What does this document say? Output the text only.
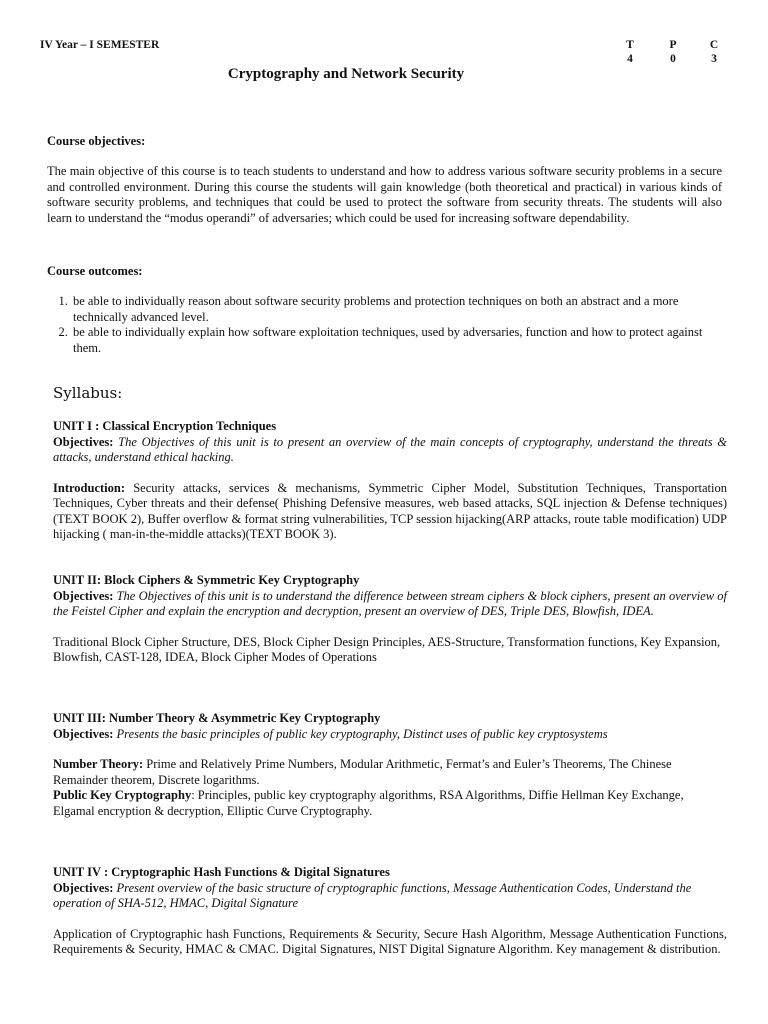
IV Year – I SEMESTER	T
4
P
0
C
3
Cryptography and Network Security
Course objectives:
The main objective of this course is to teach students to understand and how to address various software security problems in a secure and controlled environment. During this course the students will gain knowledge (both theoretical and practical) in various kinds of software security problems, and techniques that could be used to protect the software from security threats. The students will also learn to understand the “modus operandi” of adversaries; which could be used for increasing software dependability.
Course outcomes:
1. be able to individually reason about software security problems and protection techniques on both an abstract and a more technically advanced level.
2. be able to individually explain how software exploitation techniques, used by adversaries, function and how to protect against them.
Syllabus:

UNIT I : Classical Encryption Techniques

Objectives: The Objectives of this unit is to present an overview of the main concepts of cryptography, understand the threats & attacks, understand ethical hacking.

Introduction: Security attacks, services & mechanisms, Symmetric Cipher Model, Substitution Techniques, Transportation Techniques, Cyber threats and their defense( Phishing Defensive measures, web based attacks, SQL injection & Defense techniques)(TEXT BOOK 2), Buffer overflow & format string vulnerabilities, TCP session hijacking(ARP attacks, route table modification) UDP hijacking ( man-in-the-middle attacks)(TEXT BOOK 3).

UNIT II: Block Ciphers & Symmetric Key Cryptography

Objectives: The Objectives of this unit is to understand the difference between stream ciphers & block ciphers, present an overview of the Feistel Cipher and explain the encryption and decryption, present an overview of DES, Triple DES, Blowfish, IDEA.

Traditional Block Cipher Structure, DES, Block Cipher Design Principles, AES-Structure, Transformation functions, Key Expansion, Blowfish, CAST-128, IDEA, Block Cipher Modes of Operations

UNIT III: Number Theory & Asymmetric Key Cryptography

Objectives: Presents the basic principles of public key cryptography, Distinct uses of public key cryptosystems

Number Theory: Prime and Relatively Prime Numbers, Modular Arithmetic, Fermat’s and Euler’s Theorems, The Chinese Remainder theorem, Discrete logarithms.

Public Key Cryptography: Principles, public key cryptography algorithms, RSA Algorithms, Diffie Hellman Key Exchange, Elgamal encryption & decryption, Elliptic Curve Cryptography.

UNIT IV : Cryptographic Hash Functions & Digital Signatures

Objectives: Present overview of the basic structure of cryptographic functions, Message Authentication Codes, Understand the operation of SHA-512, HMAC, Digital Signature

Application of Cryptographic hash Functions, Requirements & Security, Secure Hash Algorithm, Message Authentication Functions, Requirements & Security, HMAC & CMAC. Digital Signatures, NIST Digital Signature Algorithm. Key management & distribution.
